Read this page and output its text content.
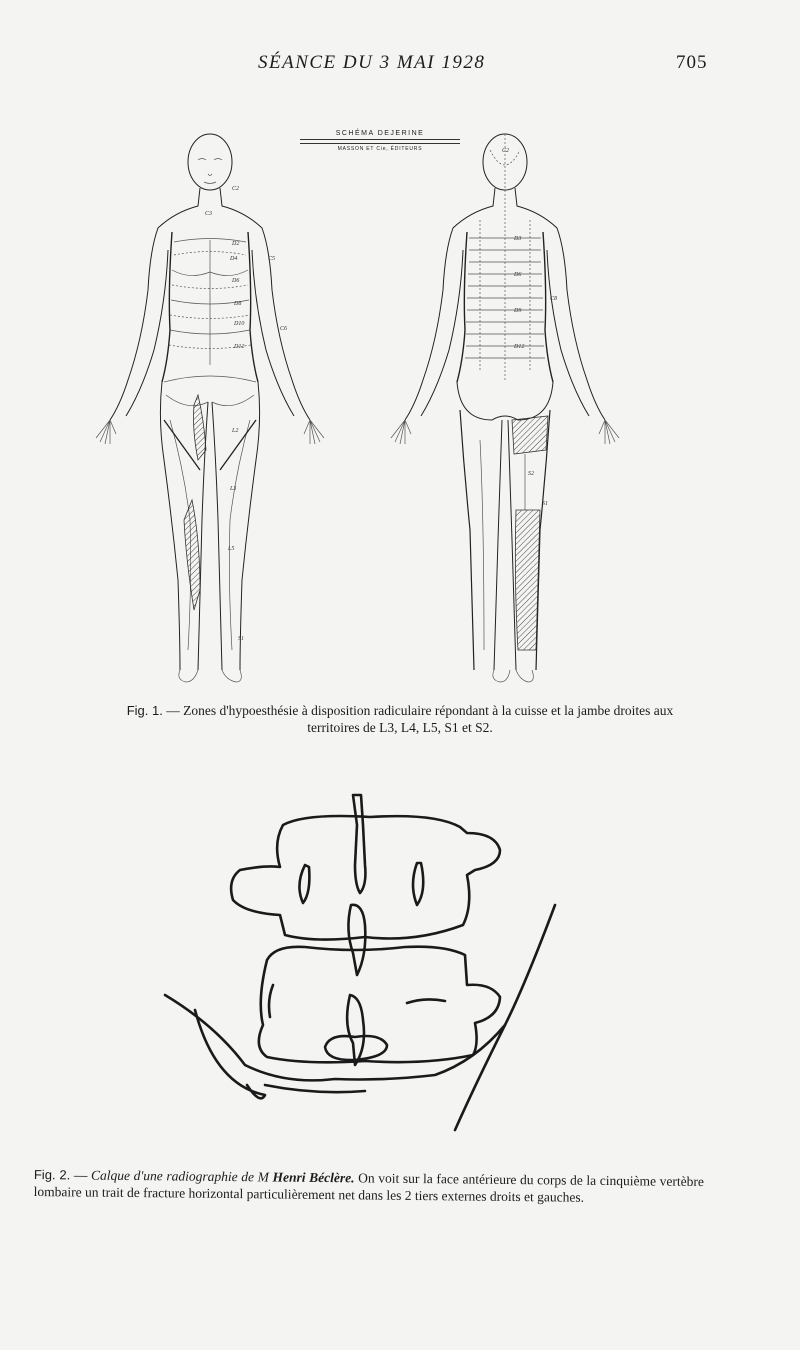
SÉANCE DU 3 MAI 1928	705
C2
C3
C5
C6
D2
D4
D6
D8
D10
D12
L2
L3
L5
S1
C2
D3
D6
D9
D12
C8
S2
S1
SCHÉMA DEJERINE
MASSON ET Cie, ÉDITEURS
Fig. 1. — Zones d'hypoesthésie à disposition radiculaire répondant à la cuisse et la jambe droites aux territoires de L3, L4, L5, S1 et S2.
Fig. 2. — Calque d'une radiographie de M Henri Béclère. On voit sur la face antérieure du corps de la cinquième vertèbre lombaire un trait de fracture horizontal particulièrement net dans les 2 tiers externes droits et gauches.
